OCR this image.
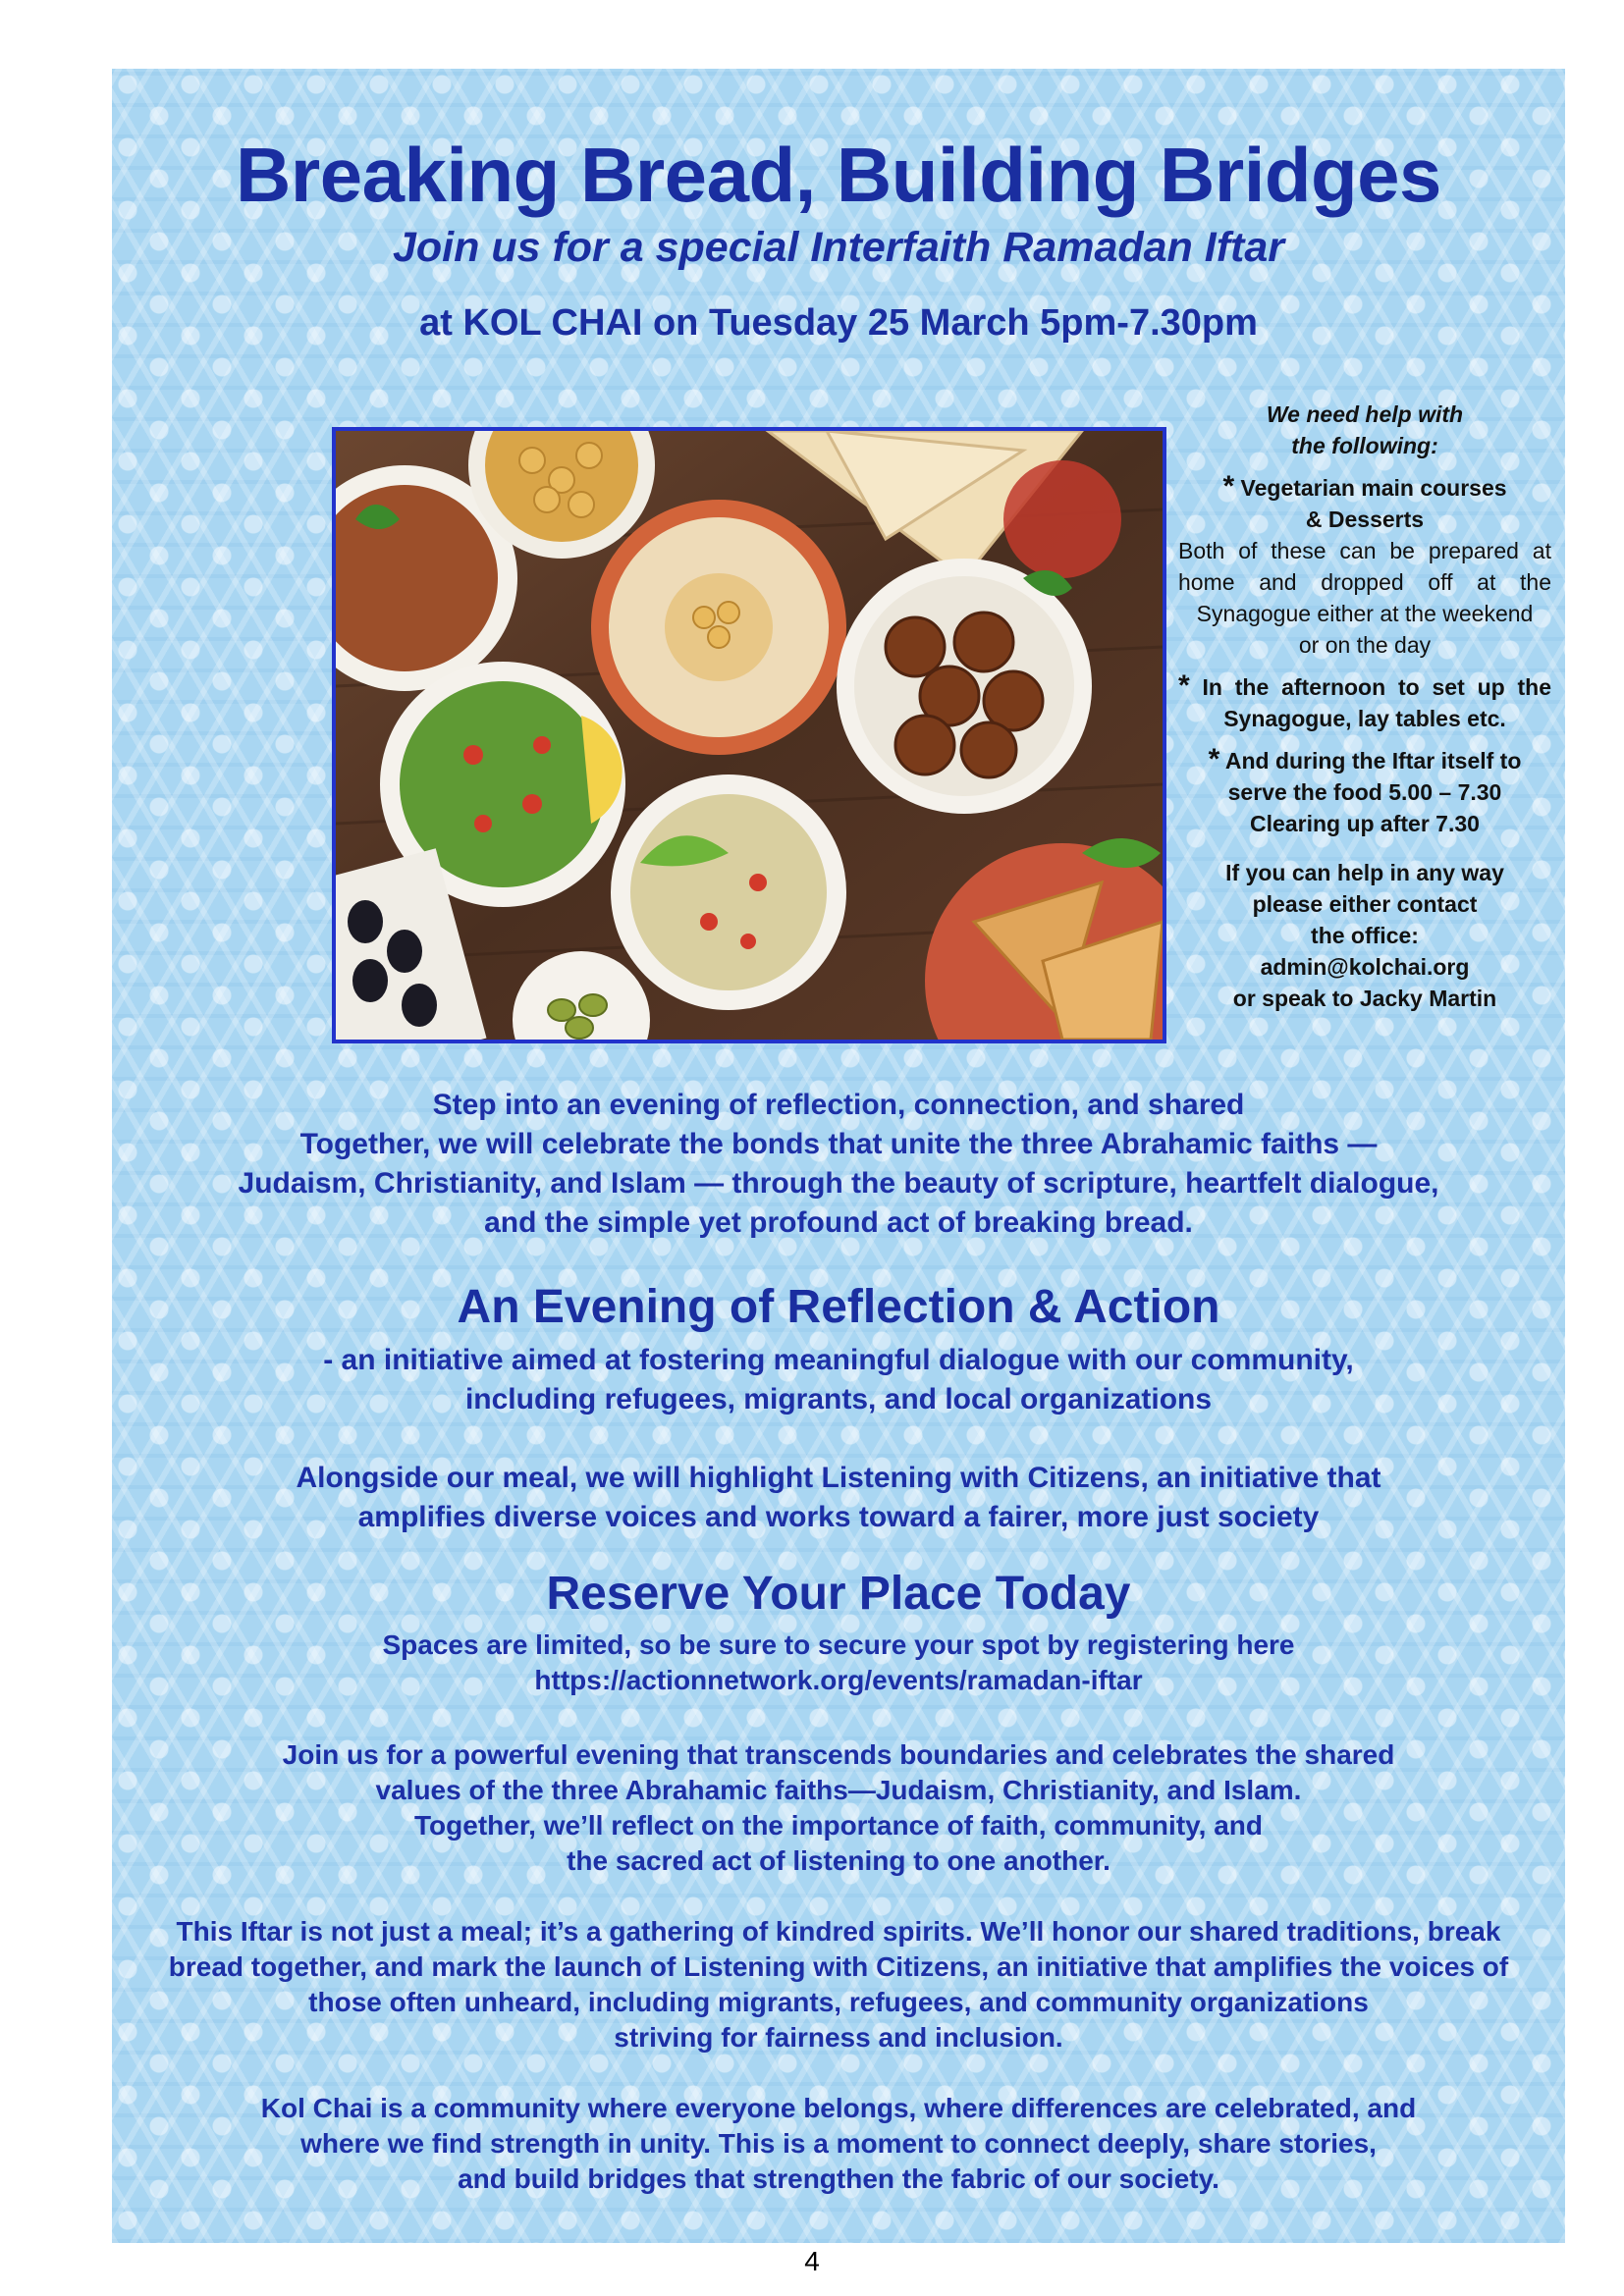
Breaking Bread, Building Bridges
Join us for a special Interfaith Ramadan Iftar
at KOL CHAI on Tuesday 25 March 5pm-7.30pm

We need help with

the following:

* Vegetarian main courses

& Desserts

Both of these can be prepared at home and dropped off at the Synagogue either at the weekend

or on the day

* In the afternoon to set up the Synagogue, lay tables etc.

* And during the Iftar itself to

serve the food 5.00 – 7.30

Clearing up after 7.30

If you can help in any way

please either contact

the office:

admin@kolchai.org

or speak to Jacky Martin

Step into an evening of reflection, connection, and shared

Together, we will celebrate the bonds that unite the three Abrahamic faiths —

Judaism, Christianity, and Islam — through the beauty of scripture, heartfelt dialogue,

and the simple yet profound act of breaking bread.

An Evening of Reflection & Action

- an initiative aimed at fostering meaningful dialogue with our community,

including refugees, migrants, and local organizations

Alongside our meal, we will highlight Listening with Citizens, an initiative that

amplifies diverse voices and works toward a fairer, more just society

Reserve Your Place Today

Spaces are limited, so be sure to secure your spot by registering here

https://actionnetwork.org/events/ramadan-iftar

Join us for a powerful evening that transcends boundaries and celebrates the shared

values of the three Abrahamic faiths—Judaism, Christianity, and Islam.

Together, we’ll reflect on the importance of faith, community, and

the sacred act of listening to one another.

This Iftar is not just a meal; it’s a gathering of kindred spirits. We’ll honor our shared traditions, break

bread together, and mark the launch of Listening with Citizens, an initiative that amplifies the voices of

those often unheard, including migrants, refugees, and community organizations

striving for fairness and inclusion.

Kol Chai is a community where everyone belongs, where differences are celebrated, and

where we find strength in unity. This is a moment to connect deeply, share stories,

and build bridges that strengthen the fabric of our society.

4
